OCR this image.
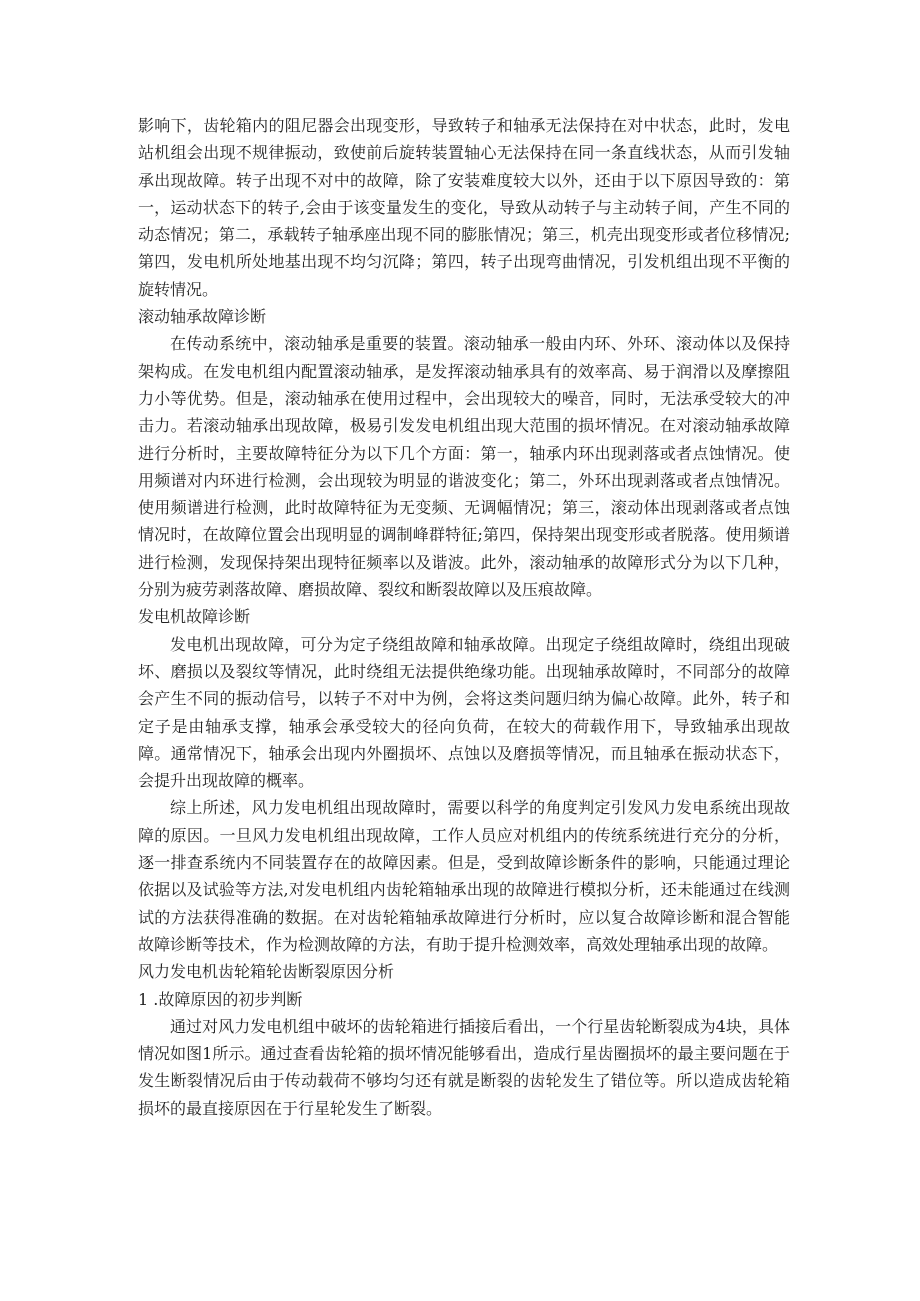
影响下，齿轮箱内的阻尼器会出现变形，导致转子和轴承无法保持在对中状态，此时，发电站机组会出现不规律振动，致使前后旋转装置轴心无法保持在同一条直线状态，从而引发轴承出现故障。转子出现不对中的故障，除了安装难度较大以外，还由于以下原因导致的：第一，运动状态下的转子,会由于该变量发生的变化，导致从动转子与主动转子间，产生不同的动态情况；第二，承载转子轴承座出现不同的膨胀情况；第三，机壳出现变形或者位移情况;第四，发电机所处地基出现不均匀沉降；第四，转子出现弯曲情况，引发机组出现不平衡的旋转情况。

滚动轴承故障诊断

在传动系统中，滚动轴承是重要的装置。滚动轴承一般由内环、外环、滚动体以及保持架构成。在发电机组内配置滚动轴承，是发挥滚动轴承具有的效率高、易于润滑以及摩擦阻力小等优势。但是，滚动轴承在使用过程中，会出现较大的噪音，同时，无法承受较大的冲击力。若滚动轴承出现故障，极易引发发电机组出现大范围的损坏情况。在对滚动轴承故障进行分析时，主要故障特征分为以下几个方面：第一，轴承内环出现剥落或者点蚀情况。使用频谱对内环进行检测，会出现较为明显的谐波变化；第二，外环出现剥落或者点蚀情况。使用频谱进行检测，此时故障特征为无变频、无调幅情况；第三，滚动体出现剥落或者点蚀情况时，在故障位置会出现明显的调制峰群特征;第四，保持架出现变形或者脱落。使用频谱进行检测，发现保持架出现特征频率以及谐波。此外，滚动轴承的故障形式分为以下几种，分别为疲劳剥落故障、磨损故障、裂纹和断裂故障以及压痕故障。

发电机故障诊断

发电机出现故障，可分为定子绕组故障和轴承故障。出现定子绕组故障时，绕组出现破坏、磨损以及裂纹等情况，此时绕组无法提供绝缘功能。出现轴承故障时，不同部分的故障会产生不同的振动信号，以转子不对中为例，会将这类问题归纳为偏心故障。此外，转子和定子是由轴承支撑，轴承会承受较大的径向负荷，在较大的荷载作用下，导致轴承出现故障。通常情况下，轴承会出现内外圈损坏、点蚀以及磨损等情况，而且轴承在振动状态下，会提升出现故障的概率。

综上所述，风力发电机组出现故障时，需要以科学的角度判定引发风力发电系统出现故障的原因。一旦风力发电机组出现故障，工作人员应对机组内的传统系统进行充分的分析，逐一排查系统内不同装置存在的故障因素。但是，受到故障诊断条件的影响，只能通过理论依据以及试验等方法,对发电机组内齿轮箱轴承出现的故障进行模拟分析，还未能通过在线测试的方法获得准确的数据。在对齿轮箱轴承故障进行分析时，应以复合故障诊断和混合智能故障诊断等技术，作为检测故障的方法，有助于提升检测效率，高效处理轴承出现的故障。

风力发电机齿轮箱轮齿断裂原因分析

1 .故障原因的初步判断

通过对风力发电机组中破坏的齿轮箱进行插接后看出，一个行星齿轮断裂成为4块，具体情况如图1所示。通过查看齿轮箱的损坏情况能够看出，造成行星齿圈损坏的最主要问题在于发生断裂情况后由于传动载荷不够均匀还有就是断裂的齿轮发生了错位等。所以造成齿轮箱损坏的最直接原因在于行星轮发生了断裂。
